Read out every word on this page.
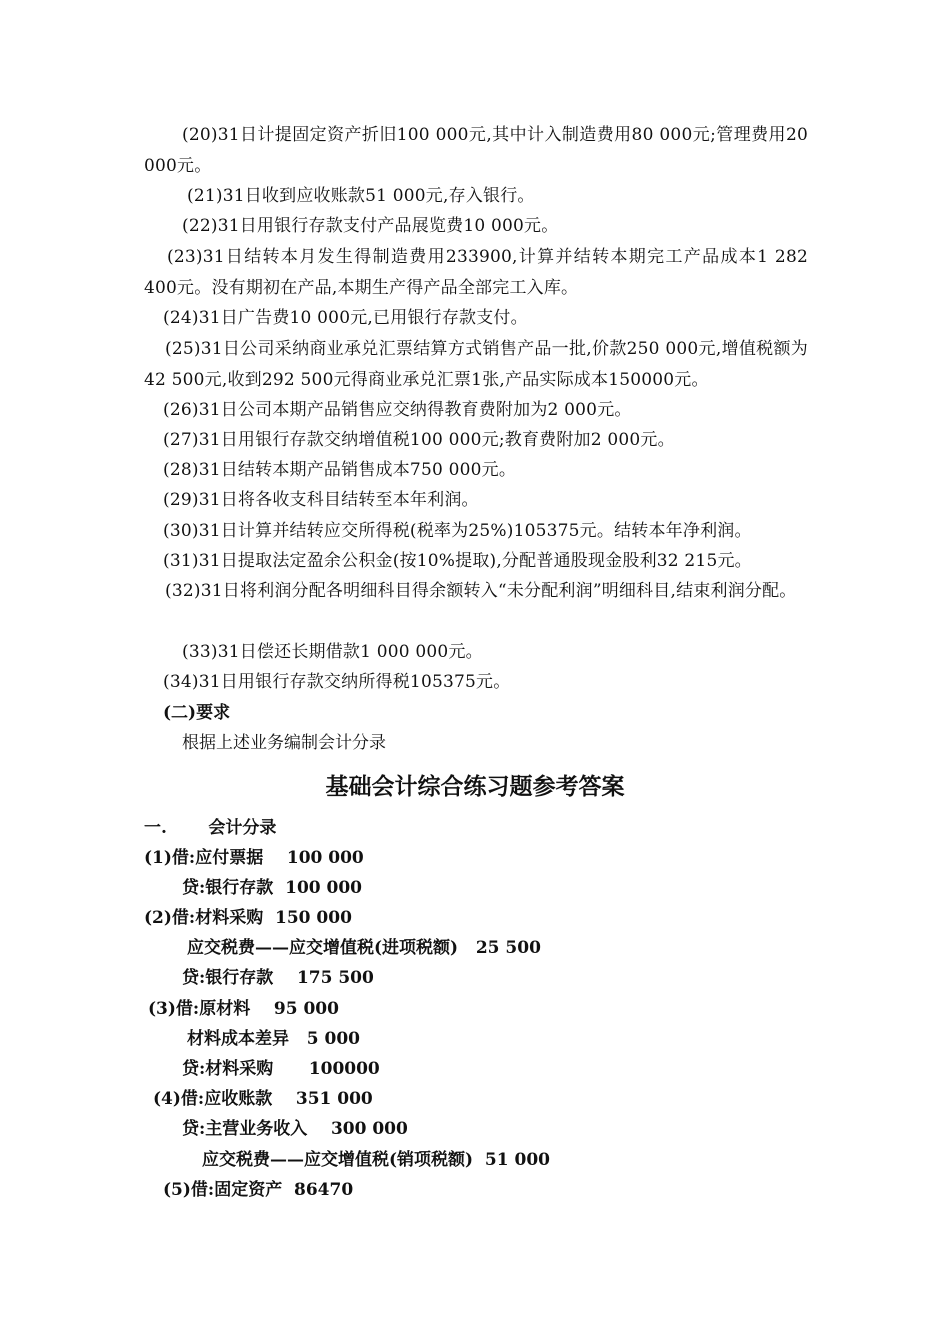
(20)31日计提固定资产折旧100 000元,其中计入制造费用80 000元;管理费用20 000元。

(21)31日收到应收账款51 000元,存入银行。

(22)31日用银行存款支付产品展览费10 000元。

(23)31日结转本月发生得制造费用233900,计算并结转本期完工产品成本1 282 400元。没有期初在产品,本期生产得产品全部完工入库。

(24)31日广告费10 000元,已用银行存款支付。

(25)31日公司采纳商业承兑汇票结算方式销售产品一批,价款250 000元,增值税额为42 500元,收到292 500元得商业承兑汇票1张,产品实际成本150000元。

(26)31日公司本期产品销售应交纳得教育费附加为2 000元。

(27)31日用银行存款交纳增值税100 000元;教育费附加2 000元。

(28)31日结转本期产品销售成本750 000元。

(29)31日将各收支科目结转至本年利润。

(30)31日计算并结转应交所得税(税率为25%)105375元。结转本年净利润。

(31)31日提取法定盈余公积金(按10%提取),分配普通股现金股利32 215元。

(32)31日将利润分配各明细科目得余额转入“未分配利润”明细科目,结束利润分配。

(33)31日偿还长期借款1 000 000元。

(34)31日用银行存款交纳所得税105375元。

(二)要求

根据上述业务编制会计分录

基础会计综合练习题参考答案

一.       会计分录

(1)借:应付票据    100 000

贷:银行存款  100 000

(2)借:材料采购  150 000

应交税费——应交增值税(进项税额)   25 500

贷:银行存款    175 500

(3)借:原材料    95 000

材料成本差异   5 000

贷:材料采购      100000

(4)借:应收账款    351 000

贷:主营业务收入    300 000

应交税费——应交增值税(销项税额)  51 000

(5)借:固定资产  86470
